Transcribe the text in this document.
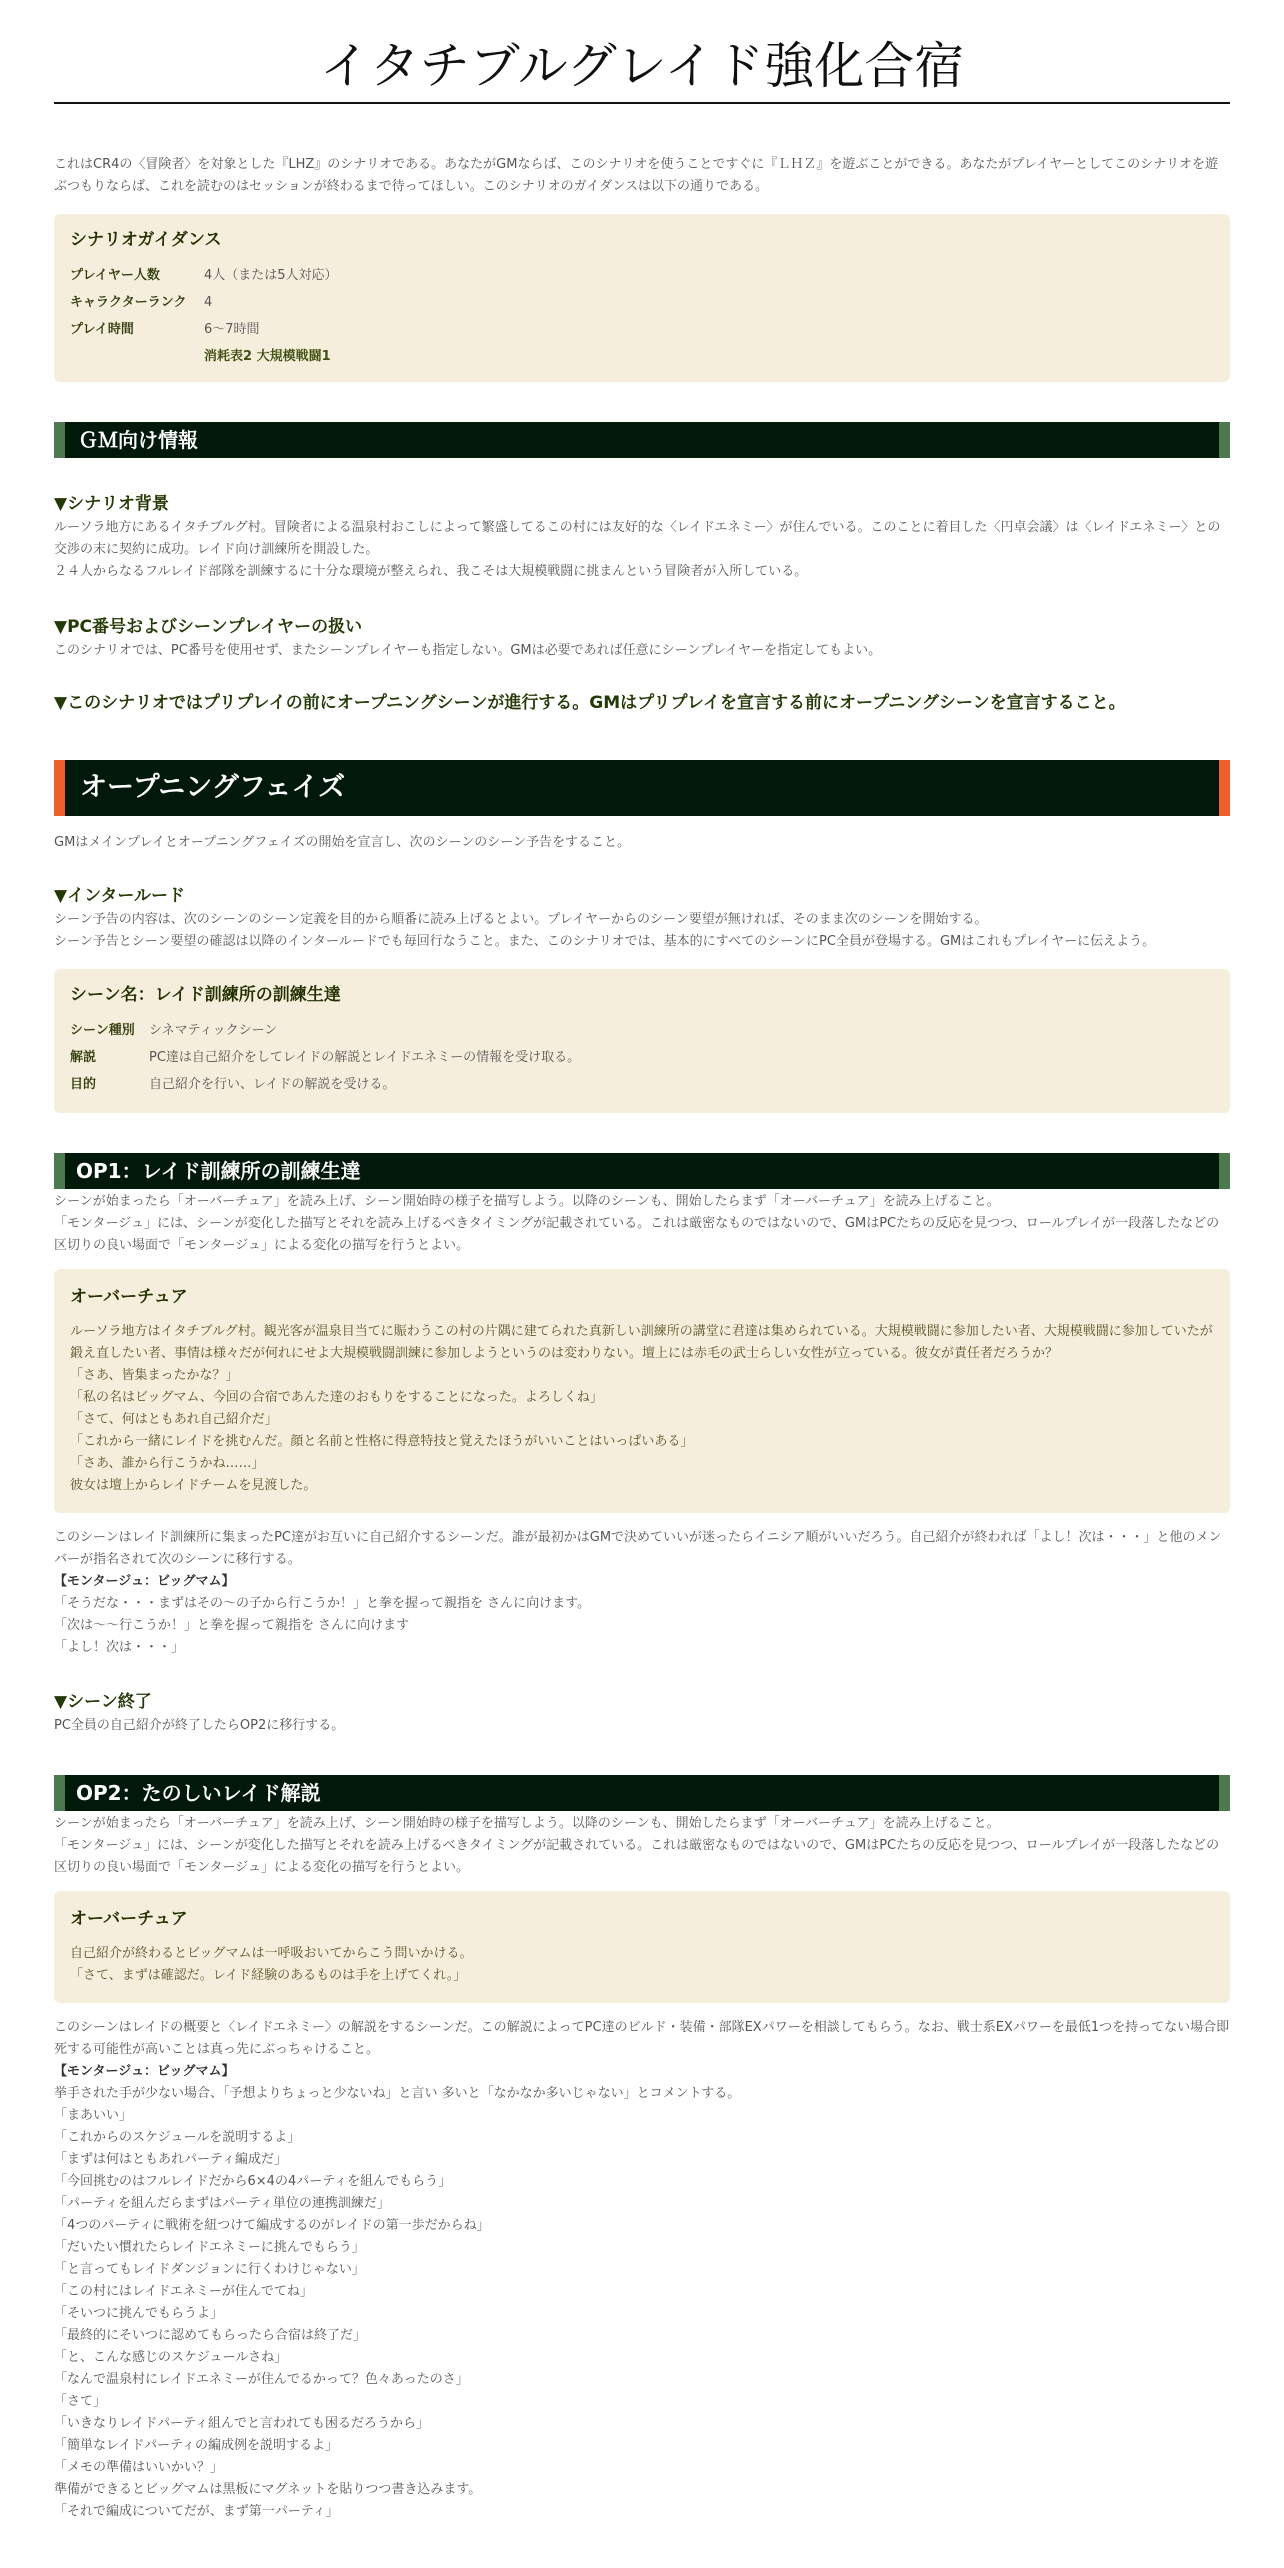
イタチブルグレイド強化合宿

これはCR4の〈冒険者〉を対象とした『LHZ』のシナリオである。あなたがGMならば、このシナリオを使うことですぐに『ＬＨＺ』を遊ぶことができる。あなたがプレイヤーとしてこのシナリオを遊ぶつもりならば、これを読むのはセッションが終わるまで待ってほしい。このシナリオのガイダンスは以下の通りである。

シナリオガイダンス
プレイヤー人数	4人（または5人対応）
キャラクターランク	4
プレイ時間	6～7時間
消耗表2 大規模戦闘1
ＧＭ向け情報
▼シナリオ背景

ルーソラ地方にあるイタチブルグ村。冒険者による温泉村おこしによって繁盛してるこの村には友好的な〈レイドエネミー〉が住んでいる。このことに着目した〈円卓会議〉は〈レイドエネミー〉との交渉の末に契約に成功。レイド向け訓練所を開設した。

２４人からなるフルレイド部隊を訓練するに十分な環境が整えられ、我こそは大規模戦闘に挑まんという冒険者が入所している。

▼PC番号およびシーンプレイヤーの扱い

このシナリオでは、PC番号を使用せず、またシーンプレイヤーも指定しない。GMは必要であれば任意にシーンプレイヤーを指定してもよい。

▼このシナリオではプリプレイの前にオープニングシーンが進行する。GMはプリプレイを宣言する前にオープニングシーンを宣言すること。
オープニングフェイズ

GMはメインプレイとオープニングフェイズの開始を宣言し、次のシーンのシーン予告をすること。

▼インタールード

シーン予告の内容は、次のシーンのシーン定義を目的から順番に読み上げるとよい。プレイヤーからのシーン要望が無ければ、そのまま次のシーンを開始する。

シーン予告とシーン要望の確認は以降のインタールードでも毎回行なうこと。また、このシナリオでは、基本的にすべてのシーンにPC全員が登場する。GMはこれもプレイヤーに伝えよう。

シーン名：レイド訓練所の訓練生達
シーン種別	シネマティックシーン
解説	PC達は自己紹介をしてレイドの解説とレイドエネミーの情報を受け取る。
目的	自己紹介を行い、レイドの解説を受ける。
OP1：レイド訓練所の訓練生達

シーンが始まったら「オーバーチュア」を読み上げ、シーン開始時の様子を描写しよう。以降のシーンも、開始したらまず「オーバーチュア」を読み上げること。

「モンタージュ」には、シーンが変化した描写とそれを読み上げるべきタイミングが記載されている。これは厳密なものではないので、GMはPCたちの反応を見つつ、ロールプレイが一段落したなどの区切りの良い場面で「モンタージュ」による変化の描写を行うとよい。

オーバーチュア
ルーソラ地方はイタチブルグ村。観光客が温泉目当てに賑わうこの村の片隅に建てられた真新しい訓練所の講堂に君達は集められている。大規模戦闘に参加したい者、大規模戦闘に参加していたが鍛え直したい者、事情は様々だが何れにせよ大規模戦闘訓練に参加しようというのは変わりない。壇上には赤毛の武士らしい女性が立っている。彼女が責任者だろうか？
「さあ、皆集まったかな？」
「私の名はビッグマム、今回の合宿であんた達のおもりをすることになった。よろしくね」
「さて、何はともあれ自己紹介だ」
「これから一緒にレイドを挑むんだ。顔と名前と性格に得意特技と覚えたほうがいいことはいっぱいある」
「さあ、誰から行こうかね……」
彼女は壇上からレイドチームを見渡した。

このシーンはレイド訓練所に集まったPC達がお互いに自己紹介するシーンだ。誰が最初かはGMで決めていいが迷ったらイニシア順がいいだろう。自己紹介が終われば「よし！次は・・・」と他のメンバーが指名されて次のシーンに移行する。

【モンタージュ：ビッグマム】
「そうだな・・・まずはその～の子から行こうか！」と拳を握って親指を さんに向けます。
「次は～～行こうか！」と拳を握って親指を さんに向けます
「よし！次は・・・」
▼シーン終了

PC全員の自己紹介が終了したらOP2に移行する。

OP2：たのしいレイド解説

シーンが始まったら「オーバーチュア」を読み上げ、シーン開始時の様子を描写しよう。以降のシーンも、開始したらまず「オーバーチュア」を読み上げること。

「モンタージュ」には、シーンが変化した描写とそれを読み上げるべきタイミングが記載されている。これは厳密なものではないので、GMはPCたちの反応を見つつ、ロールプレイが一段落したなどの区切りの良い場面で「モンタージュ」による変化の描写を行うとよい。

オーバーチュア
自己紹介が終わるとビッグマムは一呼吸おいてからこう問いかける。
「さて、まずは確認だ。レイド経験のあるものは手を上げてくれ。」

このシーンはレイドの概要と〈レイドエネミー〉の解説をするシーンだ。この解説によってPC達のビルド・装備・部隊EXパワーを相談してもらう。なお、戦士系EXパワーを最低1つを持ってない場合即死する可能性が高いことは真っ先にぶっちゃけること。

【モンタージュ：ビッグマム】
挙手された手が少ない場合、「予想よりちょっと少ないね」と言い 多いと「なかなか多いじゃない」とコメントする。
「まあいい」
「これからのスケジュールを説明するよ」
「まずは何はともあれパーティ編成だ」
「今回挑むのはフルレイドだから6×4の4パーティを組んでもらう」
「パーティを組んだらまずはパーティ単位の連携訓練だ」
「4つのパーティに戦術を紐つけて編成するのがレイドの第一歩だからね」
「だいたい慣れたらレイドエネミーに挑んでもらう」
「と言ってもレイドダンジョンに行くわけじゃない」
「この村にはレイドエネミーが住んでてね」
「そいつに挑んでもらうよ」
「最終的にそいつに認めてもらったら合宿は終了だ」
「と、こんな感じのスケジュールさね」
「なんで温泉村にレイドエネミーが住んでるかって？色々あったのさ」
「さて」
「いきなりレイドパーティ組んでと言われても困るだろうから」
「簡単なレイドパーティの編成例を説明するよ」
「メモの準備はいいかい？」
準備ができるとビッグマムは黒板にマグネットを貼りつつ書き込みます。
「それで編成についてだが、まず第一パーティ」
